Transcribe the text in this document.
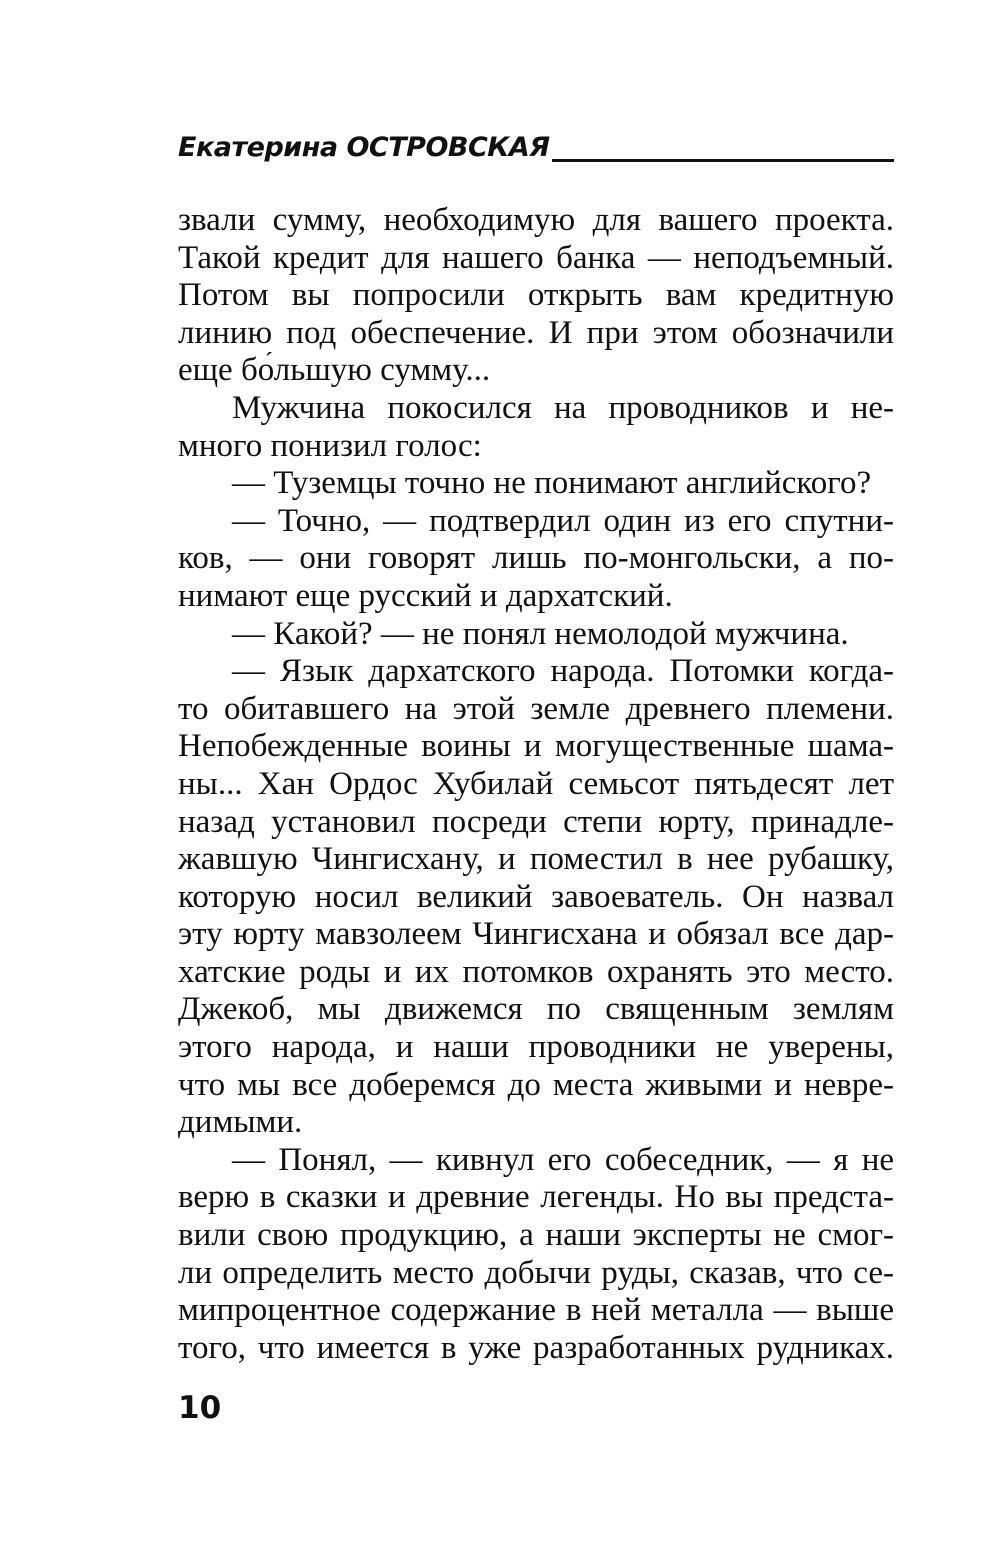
Екатерина ОСТРОВСКАЯ
звали сумму, необходимую для вашего проекта.
Такой кредит для нашего банка — неподъемный.
Потом вы попросили открыть вам кредитную
линию под обеспечение. И при этом обозначили
еще бо́льшую сумму...
Мужчина покосился на проводников и не-
много понизил голос:
— Туземцы точно не понимают английского?
— Точно, — подтвердил один из его спутни-
ков, — они говорят лишь по-монгольски, а по-
нимают еще русский и дархатский.
— Какой? — не понял немолодой мужчина.
— Язык дархатского народа. Потомки когда-
то обитавшего на этой земле древнего племени.
Непобежденные воины и могущественные шама-
ны... Хан Ордос Хубилай семьсот пятьдесят лет
назад установил посреди степи юрту, принадле-
жавшую Чингисхану, и поместил в нее рубашку,
которую носил великий завоеватель. Он назвал
эту юрту мавзолеем Чингисхана и обязал все дар-
хатские роды и их потомков охранять это место.
Джекоб, мы движемся по священным землям
этого народа, и наши проводники не уверены,
что мы все доберемся до места живыми и невре-
димыми.
— Понял, — кивнул его собеседник, — я не
верю в сказки и древние легенды. Но вы предста-
вили свою продукцию, а наши эксперты не смог-
ли определить место добычи руды, сказав, что се-
мипроцентное содержание в ней металла — выше
того, что имеется в уже разработанных рудниках.
10
